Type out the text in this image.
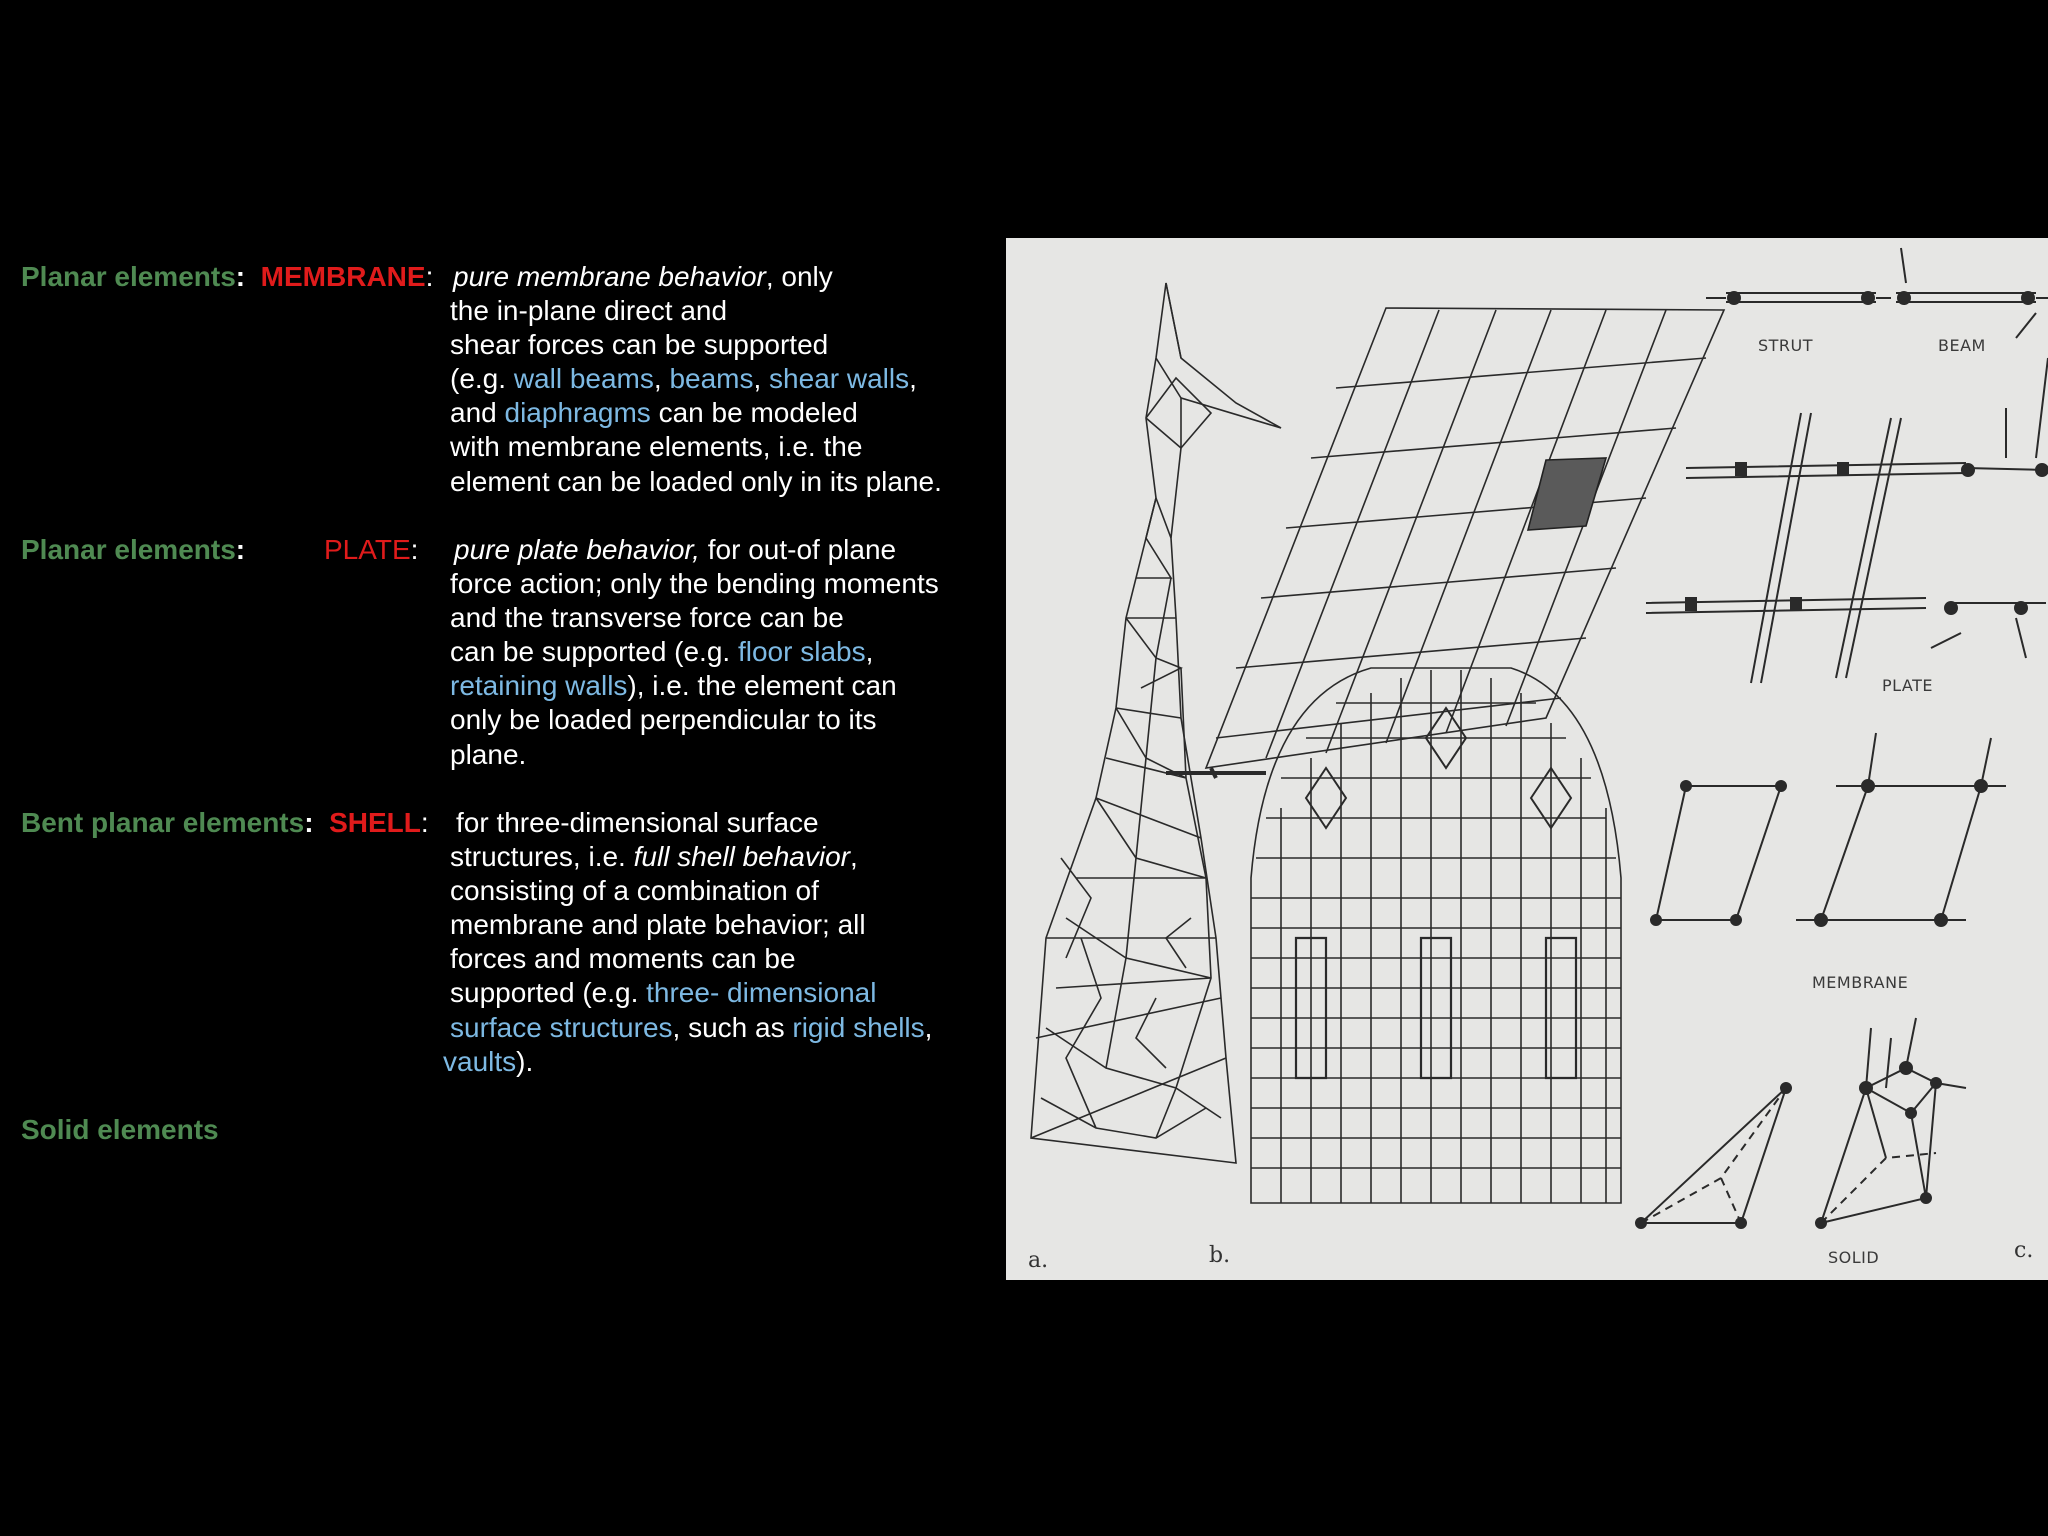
Planar elements:  MEMBRANE: pure membrane behavior, only
the in-plane direct and
shear forces can be supported
(e.g. wall beams, beams, shear walls,
and diaphragms can be modeled
with membrane elements, i.e. the
element can be loaded only in its plane.
Planar elements:	PLATE: pure plate behavior, for out-of plane
force action; only the bending moments
and the transverse force can be
can be supported (e.g. floor slabs,
retaining walls), i.e. the element can
only be loaded perpendicular to its
plane.
Bent planar elements:  SHELL: for three-dimensional surface
structures, i.e. full shell behavior,
consisting of a combination of
membrane and plate behavior; all
forces and moments can be
supported (e.g. three- dimensional
surface structures, such as rigid shells,
vaults).
Solid elements
STRUT	BEAM
PLATE
MEMBRANE
SOLID
a.	b.	c.
